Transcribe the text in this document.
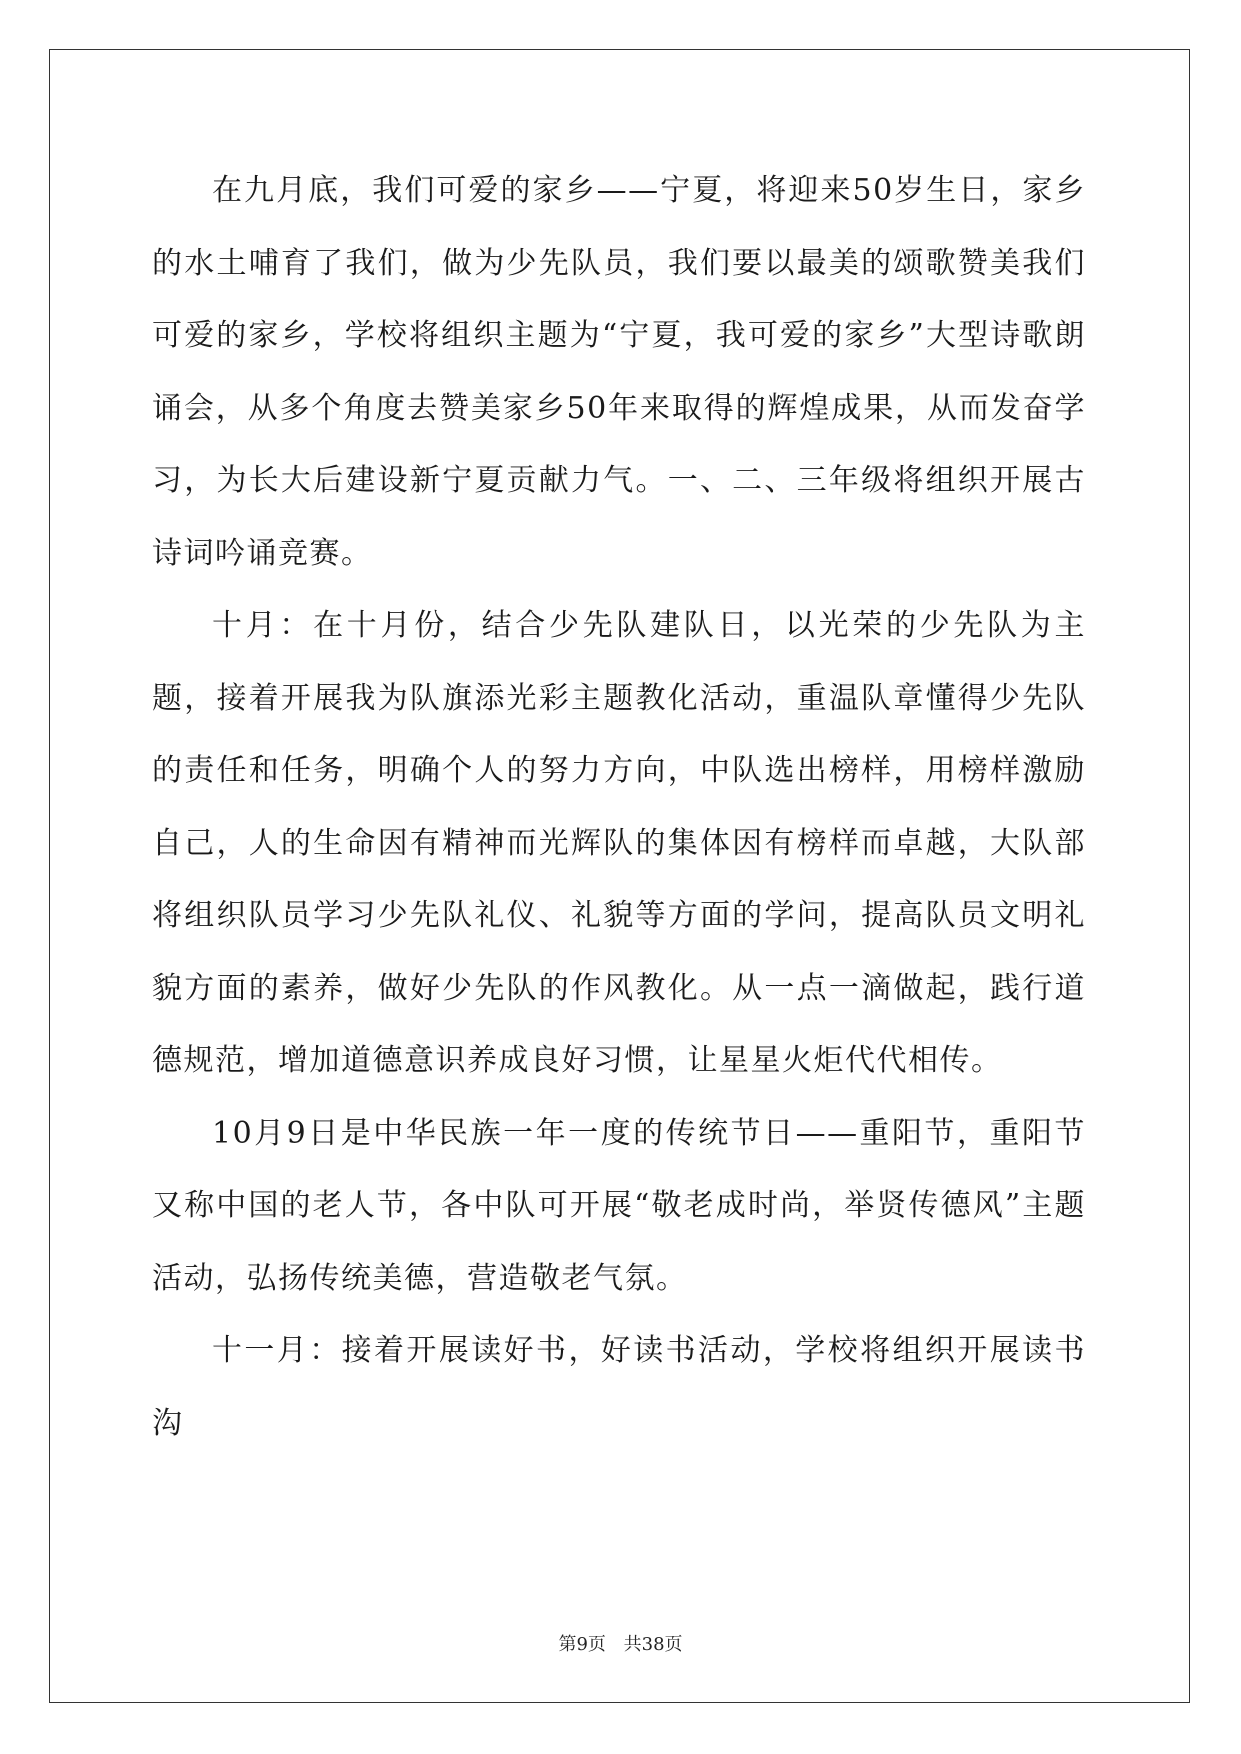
在九月底，我们可爱的家乡——宁夏，将迎来50岁生日，家乡的水土哺育了我们，做为少先队员，我们要以最美的颂歌赞美我们可爱的家乡，学校将组织主题为“宁夏，我可爱的家乡”大型诗歌朗诵会，从多个角度去赞美家乡50年来取得的辉煌成果，从而发奋学习，为长大后建设新宁夏贡献力气。一、二、三年级将组织开展古诗词吟诵竞赛。

十月：在十月份，结合少先队建队日，以光荣的少先队为主题，接着开展我为队旗添光彩主题教化活动，重温队章懂得少先队的责任和任务，明确个人的努力方向，中队选出榜样，用榜样激励自己，人的生命因有精神而光辉队的集体因有榜样而卓越，大队部将组织队员学习少先队礼仪、礼貌等方面的学问，提高队员文明礼貌方面的素养，做好少先队的作风教化。从一点一滴做起，践行道德规范，增加道德意识养成良好习惯，让星星火炬代代相传。

10月9日是中华民族一年一度的传统节日——重阳节，重阳节又称中国的老人节，各中队可开展“敬老成时尚，举贤传德风”主题活动，弘扬传统美德，营造敬老气氛。

十一月：接着开展读好书，好读书活动，学校将组织开展读书沟

第9页 共38页
